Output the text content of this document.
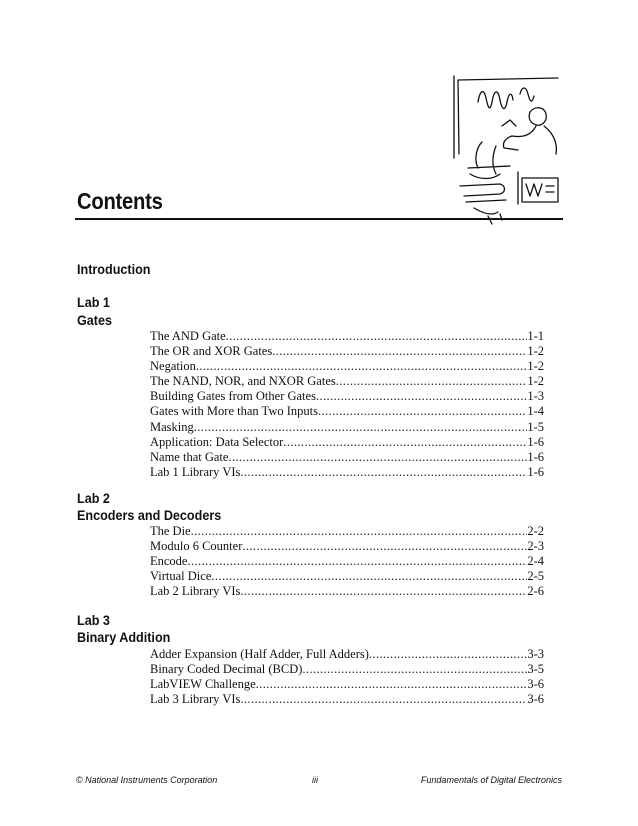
Contents
Introduction
Lab 1
Gates
The AND Gate .....	1-1
The OR and XOR Gates .....	1-2
Negation .....	1-2
The NAND, NOR, and NXOR Gates .....	1-2
Building Gates from Other Gates .....	1-3
Gates with More than Two Inputs .....	1-4
Masking .....	1-5
Application: Data Selector .....	1-6
Name that Gate .....	1-6
Lab 1 Library VIs .....	1-6
Lab 2
Encoders and Decoders
The Die .....	2-2
Modulo 6 Counter .....	2-3
Encode .....	2-4
Virtual Dice .....	2-5
Lab 2 Library VIs .....	2-6
Lab 3
Binary Addition
Adder Expansion (Half Adder, Full Adders) .....	3-3
Binary Coded Decimal (BCD) .....	3-5
LabVIEW Challenge .....	3-6
Lab 3 Library VIs .....	3-6
© National Instruments Corporation	iii	Fundamentals of Digital Electronics
